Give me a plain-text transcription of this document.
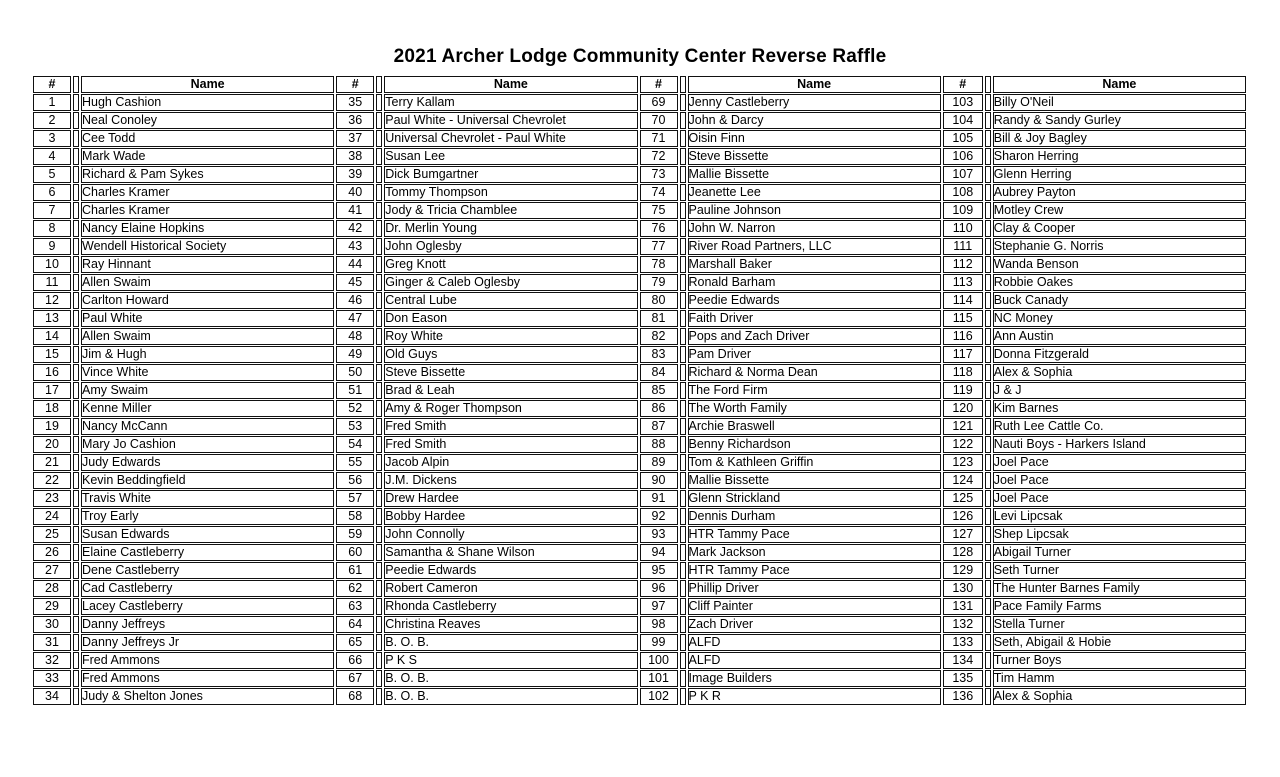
2021 Archer Lodge Community Center Reverse Raffle
#		Name	#		Name	#		Name	#		Name
1		Hugh Cashion	35		Terry Kallam	69		Jenny Castleberry	103		Billy O'Neil
2		Neal Conoley	36		Paul White - Universal Chevrolet	70		John & Darcy	104		Randy & Sandy Gurley
3		Cee Todd	37		Universal Chevrolet - Paul White	71		Oisin Finn	105		Bill & Joy Bagley
4		Mark Wade	38		Susan Lee	72		Steve Bissette	106		Sharon Herring
5		Richard & Pam Sykes	39		Dick Bumgartner	73		Mallie Bissette	107		Glenn Herring
6		Charles Kramer	40		Tommy Thompson	74		Jeanette Lee	108		Aubrey Payton
7		Charles Kramer	41		Jody & Tricia Chamblee	75		Pauline Johnson	109		Motley Crew
8		Nancy Elaine Hopkins	42		Dr. Merlin Young	76		John W. Narron	110		Clay & Cooper
9		Wendell Historical Society	43		John Oglesby	77		River Road Partners, LLC	111		Stephanie G. Norris
10		Ray Hinnant	44		Greg Knott	78		Marshall Baker	112		Wanda Benson
11		Allen Swaim	45		Ginger & Caleb Oglesby	79		Ronald Barham	113		Robbie Oakes
12		Carlton Howard	46		Central Lube	80		Peedie Edwards	114		Buck Canady
13		Paul White	47		Don Eason	81		Faith Driver	115		NC Money
14		Allen Swaim	48		Roy White	82		Pops and Zach Driver	116		Ann Austin
15		Jim & Hugh	49		Old Guys	83		Pam Driver	117		Donna Fitzgerald
16		Vince White	50		Steve Bissette	84		Richard & Norma Dean	118		Alex & Sophia
17		Amy Swaim	51		Brad & Leah	85		The Ford Firm	119		J & J
18		Kenne Miller	52		Amy & Roger Thompson	86		The Worth Family	120		Kim Barnes
19		Nancy McCann	53		Fred Smith	87		Archie Braswell	121		Ruth Lee Cattle Co.
20		Mary Jo Cashion	54		Fred Smith	88		Benny Richardson	122		Nauti Boys - Harkers Island
21		Judy Edwards	55		Jacob Alpin	89		Tom & Kathleen Griffin	123		Joel Pace
22		Kevin Beddingfield	56		J.M. Dickens	90		Mallie Bissette	124		Joel Pace
23		Travis White	57		Drew Hardee	91		Glenn Strickland	125		Joel Pace
24		Troy Early	58		Bobby Hardee	92		Dennis Durham	126		Levi Lipcsak
25		Susan Edwards	59		John Connolly	93		HTR Tammy Pace	127		Shep Lipcsak
26		Elaine Castleberry	60		Samantha & Shane Wilson	94		Mark Jackson	128		Abigail Turner
27		Dene Castleberry	61		Peedie Edwards	95		HTR Tammy Pace	129		Seth Turner
28		Cad Castleberry	62		Robert Cameron	96		Phillip Driver	130		The Hunter Barnes Family
29		Lacey Castleberry	63		Rhonda Castleberry	97		Cliff Painter	131		Pace Family Farms
30		Danny Jeffreys	64		Christina Reaves	98		Zach Driver	132		Stella Turner
31		Danny Jeffreys Jr	65		B. O. B.	99		ALFD	133		Seth, Abigail & Hobie
32		Fred Ammons	66		P K S	100		ALFD	134		Turner Boys
33		Fred Ammons	67		B. O. B.	101		Image Builders	135		Tim Hamm
34		Judy & Shelton Jones	68		B. O. B.	102		P K R	136		Alex & Sophia
